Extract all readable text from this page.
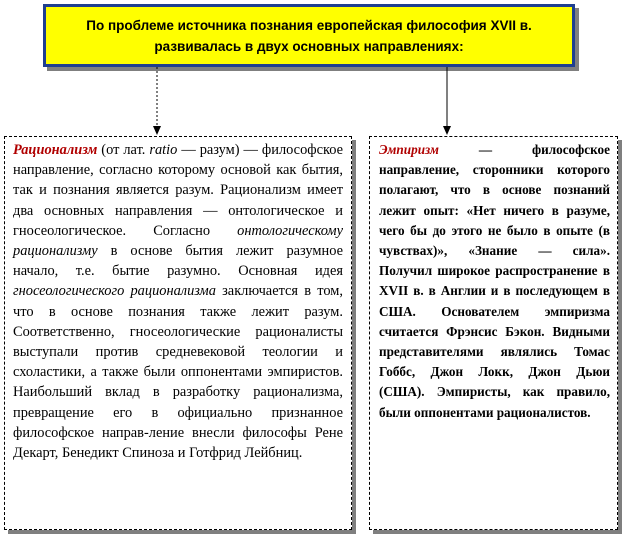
По проблеме источника познания европейская философия XVII в. развивалась в двух основных направлениях:

Рационализм (от лат. ratio — разум) — философское направление, согласно которому основой как бытия, так и познания является разум. Рационализм имеет два основных направления — онтологическое и гносеологическое. Согласно онтологическому рационализму в основе бытия лежит разумное начало, т.е. бытие разумно. Основная идея гносеологического рационализма заключается в том, что в основе познания также лежит разум. Соответственно, гносеологические рационалисты выступали против средневековой теологии и схоластики, а также были оппонентами эмпиристов. Наибольший вклад в разработку рационализма, превращение его в официально признанное философское направ-ление внесли философы Рене Декарт, Бенедикт Спиноза и Готфрид Лейбниц.

Эмпиризм — философское направление, сторонники которого полагают, что в основе познаний лежит опыт: «Нет ничего в разуме, чего бы до этого не было в опыте (в чувствах)», «Знание — сила». Получил широкое распространение в XVII в. в Англии и в последующем в США. Основателем эмпиризма считается Фрэнсис Бэкон. Видными представителями являлись Томас Гоббс, Джон Локк, Джон Дьюи (США). Эмпиристы, как правило, были оппонентами рационалистов.
